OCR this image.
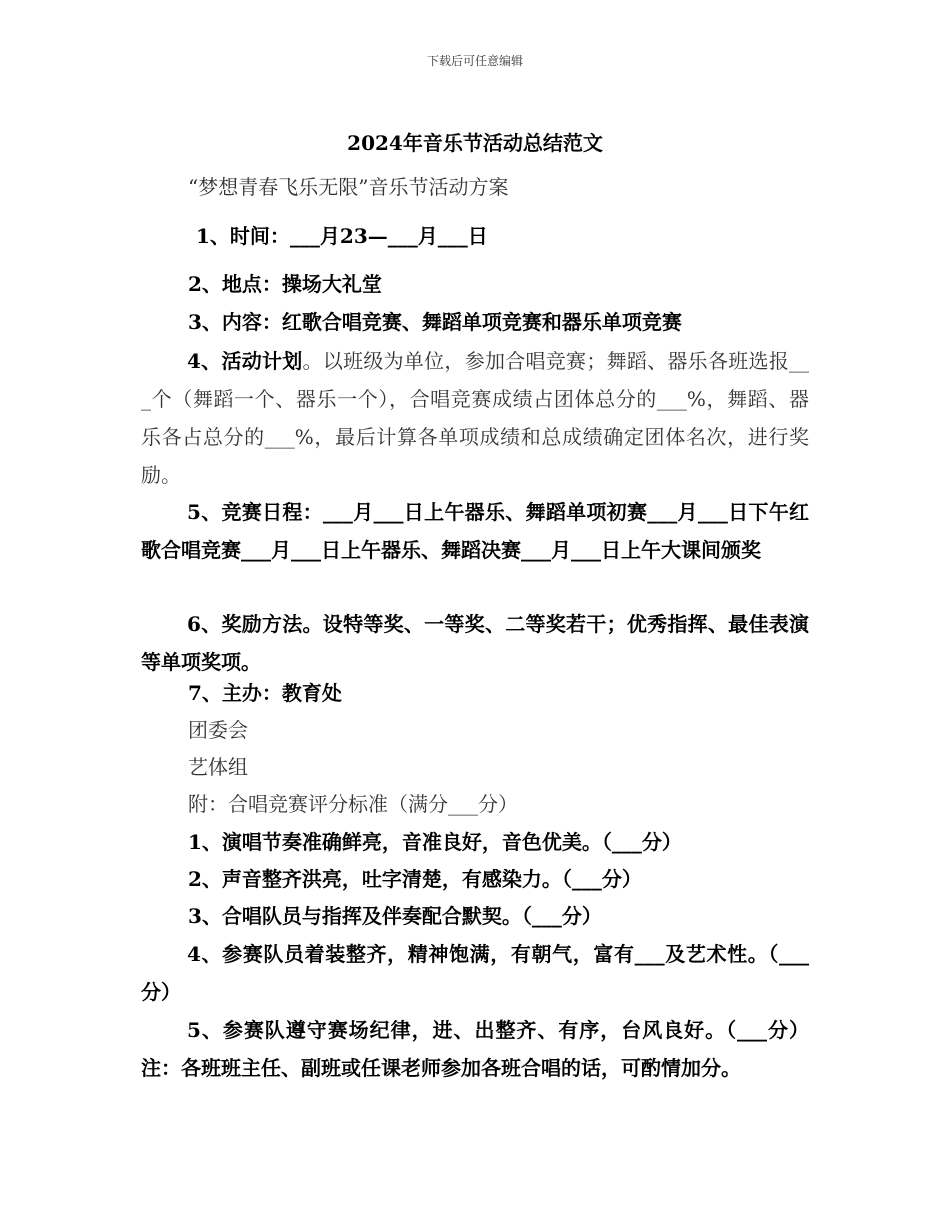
下载后可任意编辑
2024年音乐节活动总结范文
“梦想青春飞乐无限”音乐节活动方案
1、时间：___月23—___月___日
2、地点：操场大礼堂
3、内容：红歌合唱竞赛、舞蹈单项竞赛和器乐单项竞赛
4、活动计划。以班级为单位，参加合唱竞赛；舞蹈、器乐各班选报___个（舞蹈一个、器乐一个），合唱竞赛成绩占团体总分的___%，舞蹈、器乐各占总分的___%，最后计算各单项成绩和总成绩确定团体名次，进行奖励。
5、竞赛日程：___月___日上午器乐、舞蹈单项初赛___月___日下午红歌合唱竞赛___月___日上午器乐、舞蹈决赛___月___日上午大课间颁奖
6、奖励方法。设特等奖、一等奖、二等奖若干；优秀指挥、最佳表演等单项奖项。
7、主办：教育处
团委会
艺体组
附：合唱竞赛评分标准（满分___分）
1、演唱节奏准确鲜亮，音准良好，音色优美。（___分）
2、声音整齐洪亮，吐字清楚，有感染力。（___分）
3、合唱队员与指挥及伴奏配合默契。（___分）
4、参赛队员着装整齐，精神饱满，有朝气，富有___及艺术性。（___分）
5、参赛队遵守赛场纪律，进、出整齐、有序，台风良好。（___分）注：各班班主任、副班或任课老师参加各班合唱的话，可酌情加分。
